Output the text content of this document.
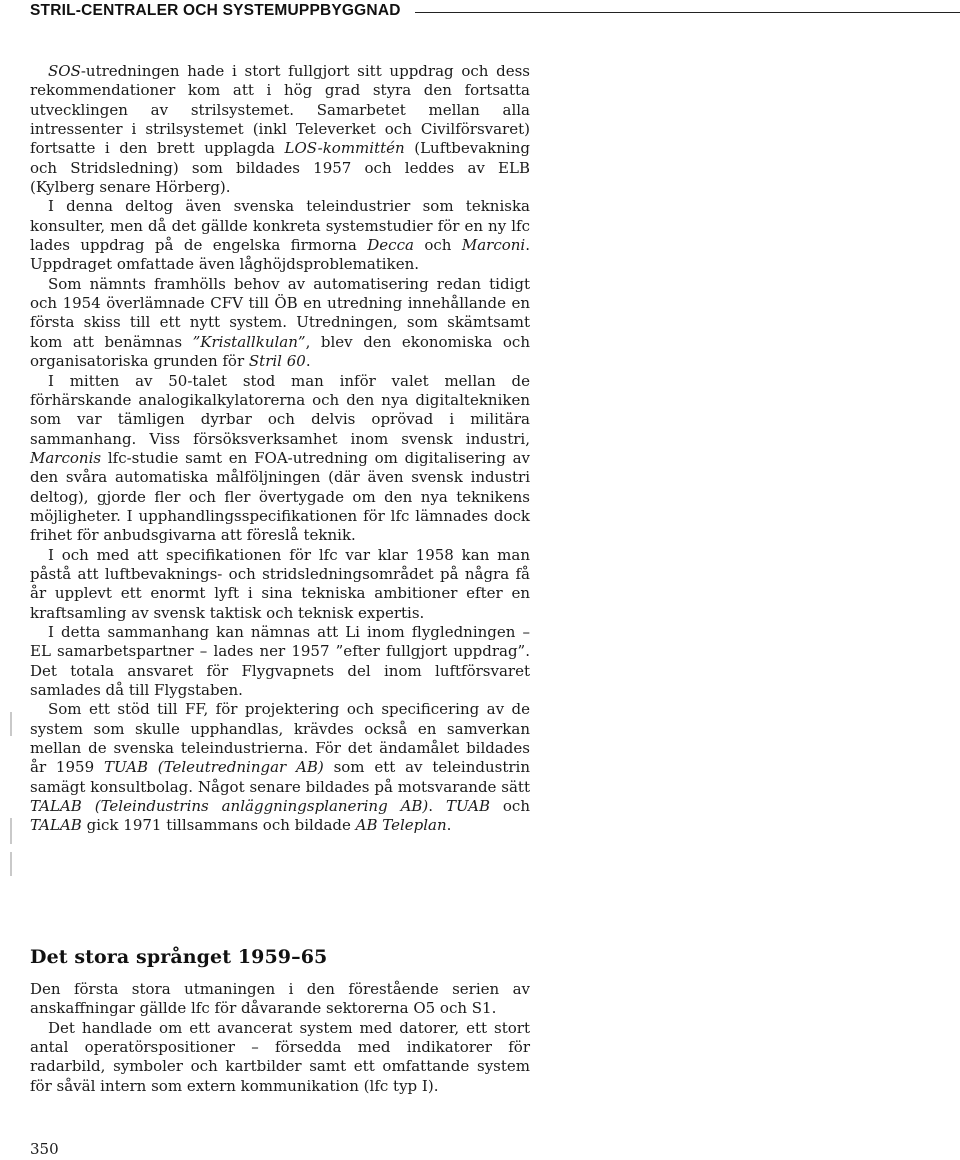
STRIL-CENTRALER OCH SYSTEMUPPBYGGNAD

SOS-utredningen hade i stort fullgjort sitt uppdrag och dess rekommendationer kom att i hög grad styra den fortsatta utvecklingen av strilsystemet. Samarbetet mellan alla intressenter i strilsystemet (inkl Televerket och Civilförsvaret) fortsatte i den brett upplagda LOS-kommittén (Luftbevakning och Stridsledning) som bildades 1957 och leddes av ELB (Kylberg senare Hörberg).

I denna deltog även svenska teleindustrier som tekniska konsulter, men då det gällde konkreta systemstudier för en ny lfc lades uppdrag på de engelska firmorna Decca och Marconi. Uppdraget omfattade även låghöjdsproblematiken.

Som nämnts framhölls behov av automatisering redan tidigt och 1954 överlämnade CFV till ÖB en utredning innehållande en första skiss till ett nytt system. Utredningen, som skämtsamt kom att benämnas ”Kristallkulan”, blev den ekonomiska och organisatoriska grunden för Stril 60.

I mitten av 50-talet stod man inför valet mellan de förhärskande analogikalkylatorerna och den nya digitaltekniken som var tämligen dyrbar och delvis oprövad i militära sammanhang. Viss försöksverksamhet inom svensk industri, Marconis lfc-studie samt en FOA-utredning om digitalisering av den svåra automatiska målföljningen (där även svensk industri deltog), gjorde fler och fler övertygade om den nya teknikens möjligheter. I upphandlingsspecifikationen för lfc lämnades dock frihet för anbudsgivarna att föreslå teknik.

I och med att specifikationen för lfc var klar 1958 kan man påstå att luftbevaknings- och stridsledningsområdet på några få år upplevt ett enormt lyft i sina tekniska ambitioner efter en kraftsamling av svensk taktisk och teknisk expertis.

I detta sammanhang kan nämnas att Li inom flygledningen – EL samarbetspartner – lades ner 1957 ”efter fullgjort uppdrag”. Det totala ansvaret för Flygvapnets del inom luftförsvaret samlades då till Flygstaben.

Som ett stöd till FF, för projektering och specificering av de system som skulle upphandlas, krävdes också en samverkan mellan de svenska teleindustrierna. För det ändamålet bildades år 1959 TUAB (Teleutredningar AB) som ett av teleindustrin samägt konsultbolag. Något senare bildades på motsvarande sätt TALAB (Teleindustrins anläggningsplanering AB). TUAB och TALAB gick 1971 tillsammans och bildade AB Teleplan.

Det stora språnget 1959–65

Den första stora utmaningen i den förestående serien av anskaffningar gällde lfc för dåvarande sektorerna O5 och S1.

Det handlade om ett avancerat system med datorer, ett stort antal operatörspositioner – försedda med indikatorer för radarbild, symboler och kartbilder samt ett omfattande system för såväl intern som extern kommunikation (lfc typ I).

350
